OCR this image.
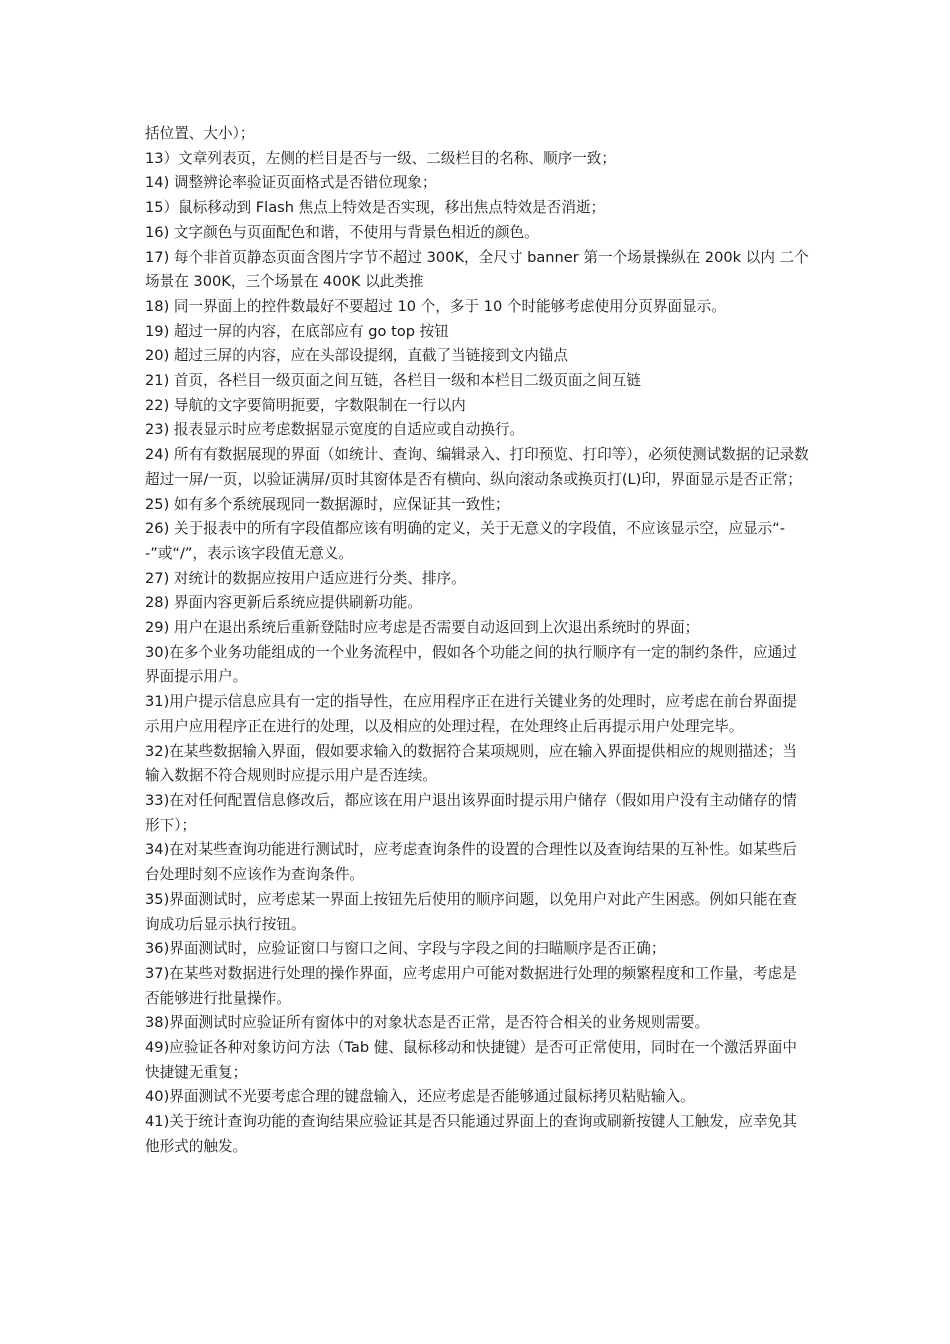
括位置、大小）；

13）文章列表页，左侧的栏目是否与一级、二级栏目的名称、顺序一致；

14) 调整辨论率验证页面格式是否错位现象；

15）鼠标移动到 Flash 焦点上特效是否实现，移出焦点特效是否消逝；

16) 文字颜色与页面配色和谐，不使用与背景色相近的颜色。

17) 每个非首页静态页面含图片字节不超过 300K，全尺寸 banner 第一个场景操纵在 200k 以内 二个场景在 300K，三个场景在 400K 以此类推

18) 同一界面上的控件数最好不要超过 10 个，多于 10 个时能够考虑使用分页界面显示。

19) 超过一屏的内容，在底部应有 go top 按钮

20) 超过三屏的内容，应在头部设提纲，直截了当链接到文内锚点

21) 首页，各栏目一级页面之间互链，各栏目一级和本栏目二级页面之间互链

22) 导航的文字要简明扼要，字数限制在一行以内

23) 报表显示时应考虑数据显示宽度的自适应或自动换行。

24) 所有有数据展现的界面（如统计、查询、编辑录入、打印预览、打印等），必须使测试数据的记录数超过一屏/一页，以验证满屏/页时其窗体是否有横向、纵向滚动条或换页打(L)印，界面显示是否正常；

25) 如有多个系统展现同一数据源时，应保证其一致性；

26) 关于报表中的所有字段值都应该有明确的定义，关于无意义的字段值，不应该显示空，应显示“--”或“/”，表示该字段值无意义。

27) 对统计的数据应按用户适应进行分类、排序。

28) 界面内容更新后系统应提供刷新功能。

29) 用户在退出系统后重新登陆时应考虑是否需要自动返回到上次退出系统时的界面；

30)在多个业务功能组成的一个业务流程中，假如各个功能之间的执行顺序有一定的制约条件，应通过界面提示用户。

31)用户提示信息应具有一定的指导性，在应用程序正在进行关键业务的处理时，应考虑在前台界面提示用户应用程序正在进行的处理，以及相应的处理过程，在处理终止后再提示用户处理完毕。

32)在某些数据输入界面，假如要求输入的数据符合某项规则，应在输入界面提供相应的规则描述；当输入数据不符合规则时应提示用户是否连续。

33)在对任何配置信息修改后，都应该在用户退出该界面时提示用户储存（假如用户没有主动储存的情形下）；

34)在对某些查询功能进行测试时，应考虑查询条件的设置的合理性以及查询结果的互补性。如某些后台处理时刻不应该作为查询条件。

35)界面测试时，应考虑某一界面上按钮先后使用的顺序问题，以免用户对此产生困惑。例如只能在查询成功后显示执行按钮。

36)界面测试时，应验证窗口与窗口之间、字段与字段之间的扫瞄顺序是否正确；

37)在某些对数据进行处理的操作界面，应考虑用户可能对数据进行处理的频繁程度和工作量，考虑是否能够进行批量操作。

38)界面测试时应验证所有窗体中的对象状态是否正常，是否符合相关的业务规则需要。

49)应验证各种对象访问方法（Tab 健、鼠标移动和快捷键）是否可正常使用，同时在一个激活界面中快捷键无重复；

40)界面测试不光要考虑合理的键盘输入，还应考虑是否能够通过鼠标拷贝粘贴输入。

41)关于统计查询功能的查询结果应验证其是否只能通过界面上的查询或刷新按键人工触发，应幸免其他形式的触发。
